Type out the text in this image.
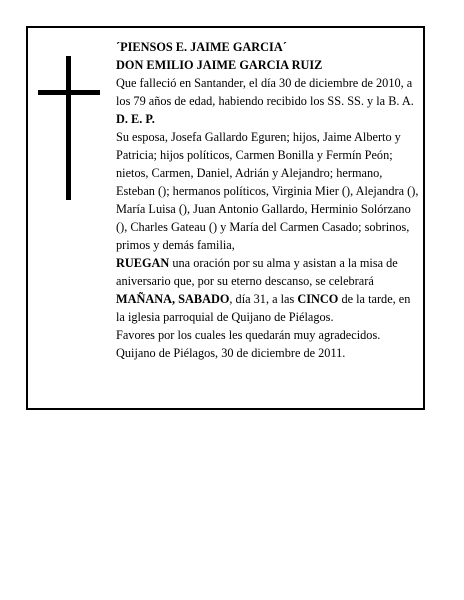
´PIENSOS E. JAIME GARCIA´

DON EMILIO JAIME GARCIA RUIZ

Que falleció en Santander, el día 30 de diciembre de 2010, a los 79 años de edad, habiendo recibido los SS. SS. y la B. A.

D. E. P.

Su esposa, Josefa Gallardo Eguren; hijos, Jaime Alberto y Patricia; hijos políticos, Carmen Bonilla y Fermín Peón; nietos, Carmen, Daniel, Adrián y Alejandro; hermano, Esteban (); hermanos políticos, Virginia Mier (), Alejandra (), María Luisa (), Juan Antonio Gallardo, Herminio Solórzano (), Charles Gateau () y María del Carmen Casado; sobrinos, primos y demás familia,

RUEGAN una oración por su alma y asistan a la misa de aniversario que, por su eterno descanso, se celebrará MAÑANA, SABADO, día 31, a las CINCO de la tarde, en la iglesia parroquial de Quijano de Piélagos.

Favores por los cuales les quedarán muy agradecidos.

Quijano de Piélagos, 30 de diciembre de 2011.
